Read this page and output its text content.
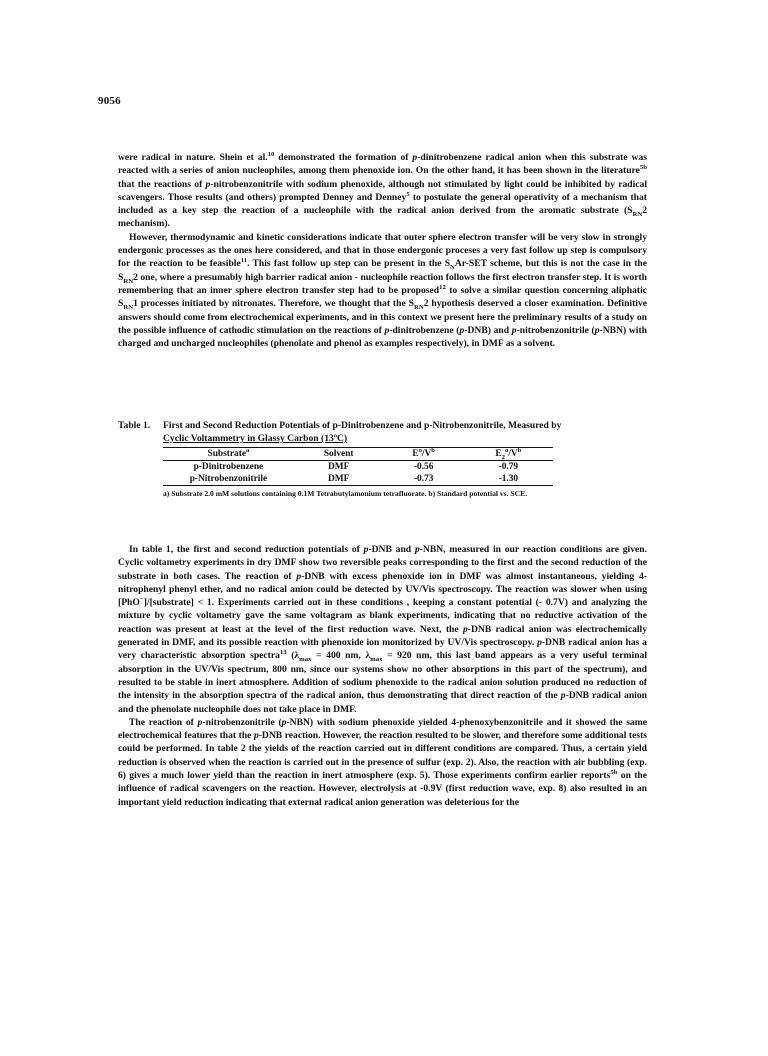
9056

were radical in nature. Shein et al.$^{10}$ demonstrated the formation of p-dinitrobenzene radical anion when this substrate was reacted with a series of anion nucleophiles, among them phenoxide ion. On the other hand, it has been shown in the literature$^{5b}$ that the reactions of p-nitrobenzonitrile with sodium phenoxide, although not stimulated by light could be inhibited by radical scavengers. Those results (and others) prompted Denney and Denney$^5$ to postulate the general operativity of a mechanism that included as a key step the reaction of a nucleophile with the radical anion derived from the aromatic substrate ($S_{RN}2$ mechanism).

However, thermodynamic and kinetic considerations indicate that outer sphere electron transfer will be very slow in strongly endergonic processes as the ones here considered, and that in those endergonic proceses a very fast follow up step is compulsory for the reaction to be feasible$^{11}$. This fast follow up step can be present in the $S_NAr$-SET scheme, but this is not the case in the $S_{RN}2$ one, where a presumably high barrier radical anion - nucleophile reaction follows the first electron transfer step. It is worth remembering that an inner sphere electron transfer step had to be proposed$^{12}$ to solve a similar question concerning aliphatic $S_{RN}1$ processes initiated by nitronates. Therefore, we thought that the $S_{RN}2$ hypothesis deserved a closer examination. Definitive answers should come from electrochemical experiments, and in this context we present here the preliminary results of a study on the possible influence of cathodic stimulation on the reactions of p-dinitrobenzene (p-DNB) and p-nitrobenzonitrile (p-NBN) with charged and uncharged nucleophiles (phenolate and phenol as examples respectively), in DMF as a solvent.

Table 1. First and Second Reduction Potentials of p-Dinitrobenzene and p-Nitrobenzonitrile, Measured by
Cyclic Voltammetry in Glassy Carbon (13ºC)

Substrate$^a$	Solvent	$E^o/V^b$	$E_2^o/V^b$
p-Dinitrobenzene	DMF	-0.56	-0.79
p-Nitrobenzonitrile	DMF	-0.73	-1.30

a) Substrate 2.0 mM solutions containing 0.1M Tetrabutylamonium tetrafluorate. b) Standard potential vs. SCE.

In table 1, the first and second reduction potentials of p-DNB and p-NBN, measured in our reaction conditions are given. Cyclic voltametry experiments in dry DMF show two reversible peaks corresponding to the first and the second reduction of the substrate in both cases. The reaction of p-DNB with excess phenoxide ion in DMF was almost instantaneous, yielding 4-nitrophenyl phenyl ether, and no radical anion could be detected by UV/Vis spectroscopy. The reaction was slower when using [PhO−]/[substrate] < 1. Experiments carried out in these conditions , keeping a constant potential (- 0.7V) and analyzing the mixture by cyclic voltametry gave the same voltagram as blank experiments, indicating that no reductive activation of the reaction was present at least at the level of the first reduction wave. Next, the p-DNB radical anion was electrochemically generated in DMF, and its possible reaction with phenoxide ion monitorized by UV/Vis spectroscopy. p-DNB radical anion has a very characteristic absorption spectra$^{13}$ ($\lambda_{max} = 400$ nm, $\lambda_{max} = 920$ nm, this last band appears as a very useful terminal absorption in the UV/Vis spectrum, 800 nm, since our systems show no other absorptions in this part of the spectrum), and resulted to be stable in inert atmosphere. Addition of sodium phenoxide to the radical anion solution produced no reduction of the intensity in the absorption spectra of the radical anion, thus demonstrating that direct reaction of the p-DNB radical anion and the phenolate nucleophile does not take place in DMF.

The reaction of p-nitrobenzonitrile (p-NBN) with sodium phenoxide yielded 4-phenoxybenzonitrile and it showed the same electrochemical features that the p-DNB reaction. However, the reaction resulted to be slower, and therefore some additional tests could be performed. In table 2 the yields of the reaction carried out in different conditions are compared. Thus, a certain yield reduction is observed when the reaction is carried out in the presence of sulfur (exp. 2). Also, the reaction with air bubbling (exp. 6) gives a much lower yield than the reaction in inert atmosphere (exp. 5). Those experiments confirm earlier reports$^{5b}$ on the influence of radical scavengers on the reaction. However, electrolysis at -0.9V (first reduction wave, exp. 8) also resulted in an important yield reduction indicating that external radical anion generation was deleterious for the
